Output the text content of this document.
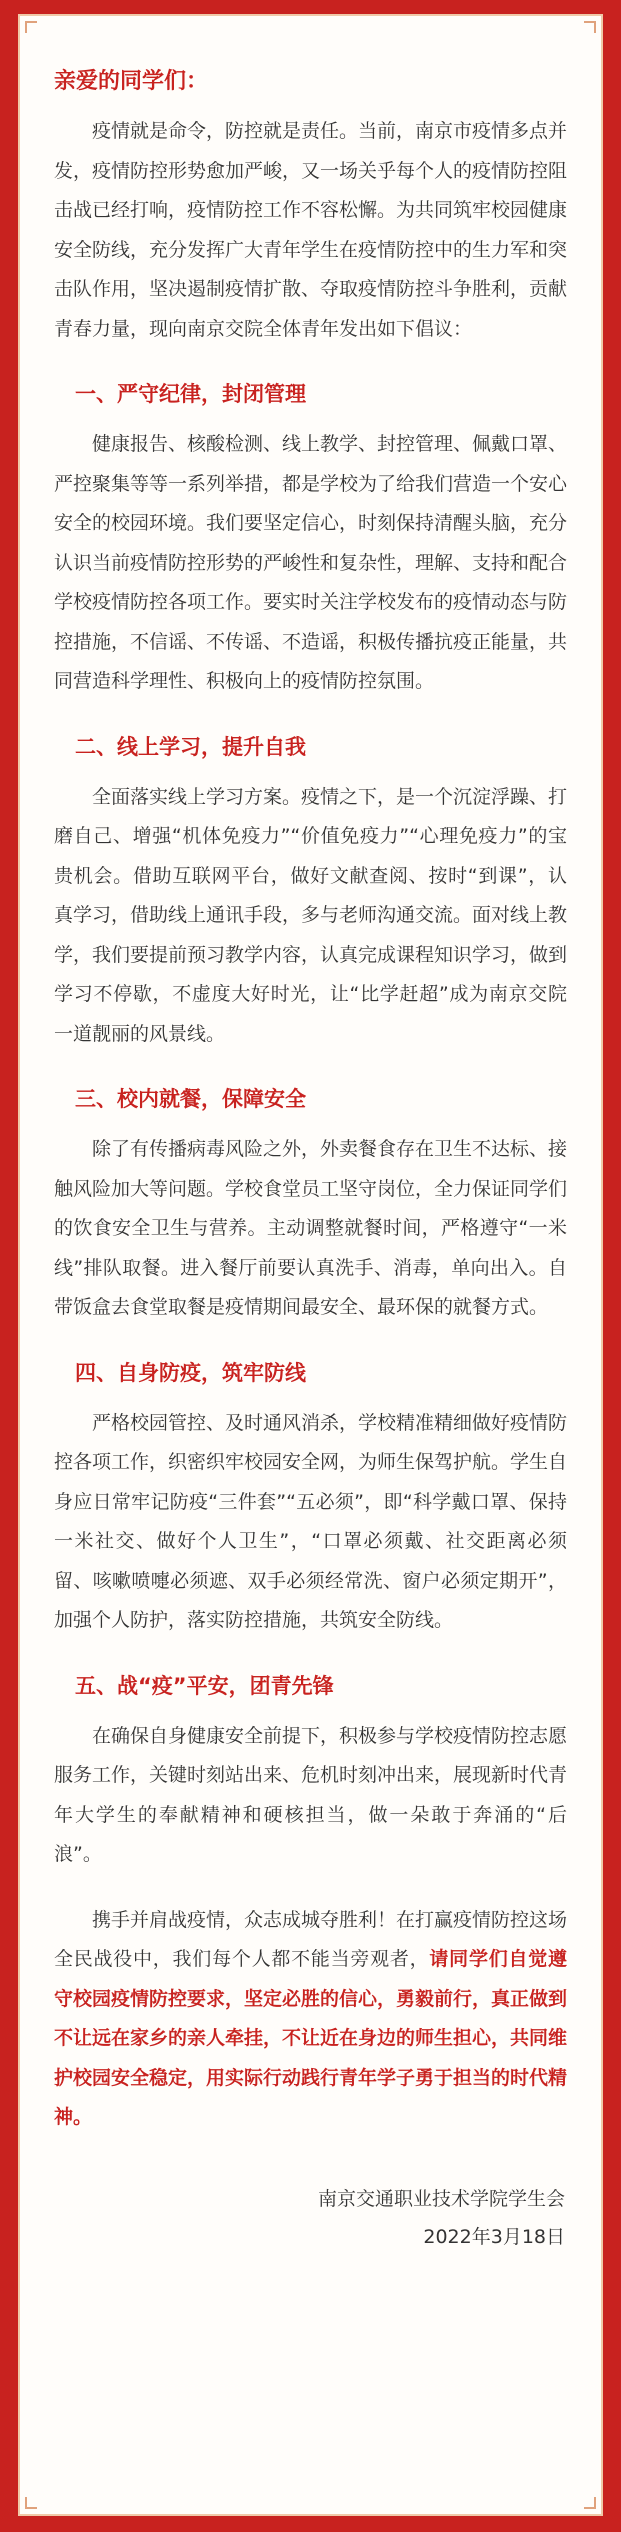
亲爱的同学们：

疫情就是命令，防控就是责任。当前，南京市疫情多点并发，疫情防控形势愈加严峻，又一场关乎每个人的疫情防控阻击战已经打响，疫情防控工作不容松懈。为共同筑牢校园健康安全防线，充分发挥广大青年学生在疫情防控中的生力军和突击队作用，坚决遏制疫情扩散、夺取疫情防控斗争胜利，贡献青春力量，现向南京交院全体青年发出如下倡议：

一、严守纪律，封闭管理

健康报告、核酸检测、线上教学、封控管理、佩戴口罩、严控聚集等等一系列举措，都是学校为了给我们营造一个安心安全的校园环境。我们要坚定信心，时刻保持清醒头脑，充分认识当前疫情防控形势的严峻性和复杂性，理解、支持和配合学校疫情防控各项工作。要实时关注学校发布的疫情动态与防控措施，不信谣、不传谣、不造谣，积极传播抗疫正能量，共同营造科学理性、积极向上的疫情防控氛围。

二、线上学习，提升自我

全面落实线上学习方案。疫情之下，是一个沉淀浮躁、打磨自己、增强“机体免疫力”“价值免疫力”“心理免疫力”的宝贵机会。借助互联网平台，做好文献查阅、按时“到课”，认真学习，借助线上通讯手段，多与老师沟通交流。面对线上教学，我们要提前预习教学内容，认真完成课程知识学习，做到学习不停歇，不虚度大好时光，让“比学赶超”成为南京交院一道靓丽的风景线。

三、校内就餐，保障安全

除了有传播病毒风险之外，外卖餐食存在卫生不达标、接触风险加大等问题。学校食堂员工坚守岗位，全力保证同学们的饮食安全卫生与营养。主动调整就餐时间，严格遵守“一米线”排队取餐。进入餐厅前要认真洗手、消毒，单向出入。自带饭盒去食堂取餐是疫情期间最安全、最环保的就餐方式。

四、自身防疫，筑牢防线

严格校园管控、及时通风消杀，学校精准精细做好疫情防控各项工作，织密织牢校园安全网，为师生保驾护航。学生自身应日常牢记防疫“三件套”“五必须”，即“科学戴口罩、保持一米社交、做好个人卫生”，“口罩必须戴、社交距离必须留、咳嗽喷嚏必须遮、双手必须经常洗、窗户必须定期开”，加强个人防护，落实防控措施，共筑安全防线。

五、战“疫”平安，团青先锋

在确保自身健康安全前提下，积极参与学校疫情防控志愿服务工作，关键时刻站出来、危机时刻冲出来，展现新时代青年大学生的奉献精神和硬核担当，做一朵敢于奔涌的“后浪”。

携手并肩战疫情，众志成城夺胜利！在打赢疫情防控这场全民战役中，我们每个人都不能当旁观者，请同学们自觉遵守校园疫情防控要求，坚定必胜的信心，勇毅前行，真正做到不让远在家乡的亲人牵挂，不让近在身边的师生担心，共同维护校园安全稳定，用实际行动践行青年学子勇于担当的时代精神。

南京交通职业技术学院学生会
2022年3月18日
